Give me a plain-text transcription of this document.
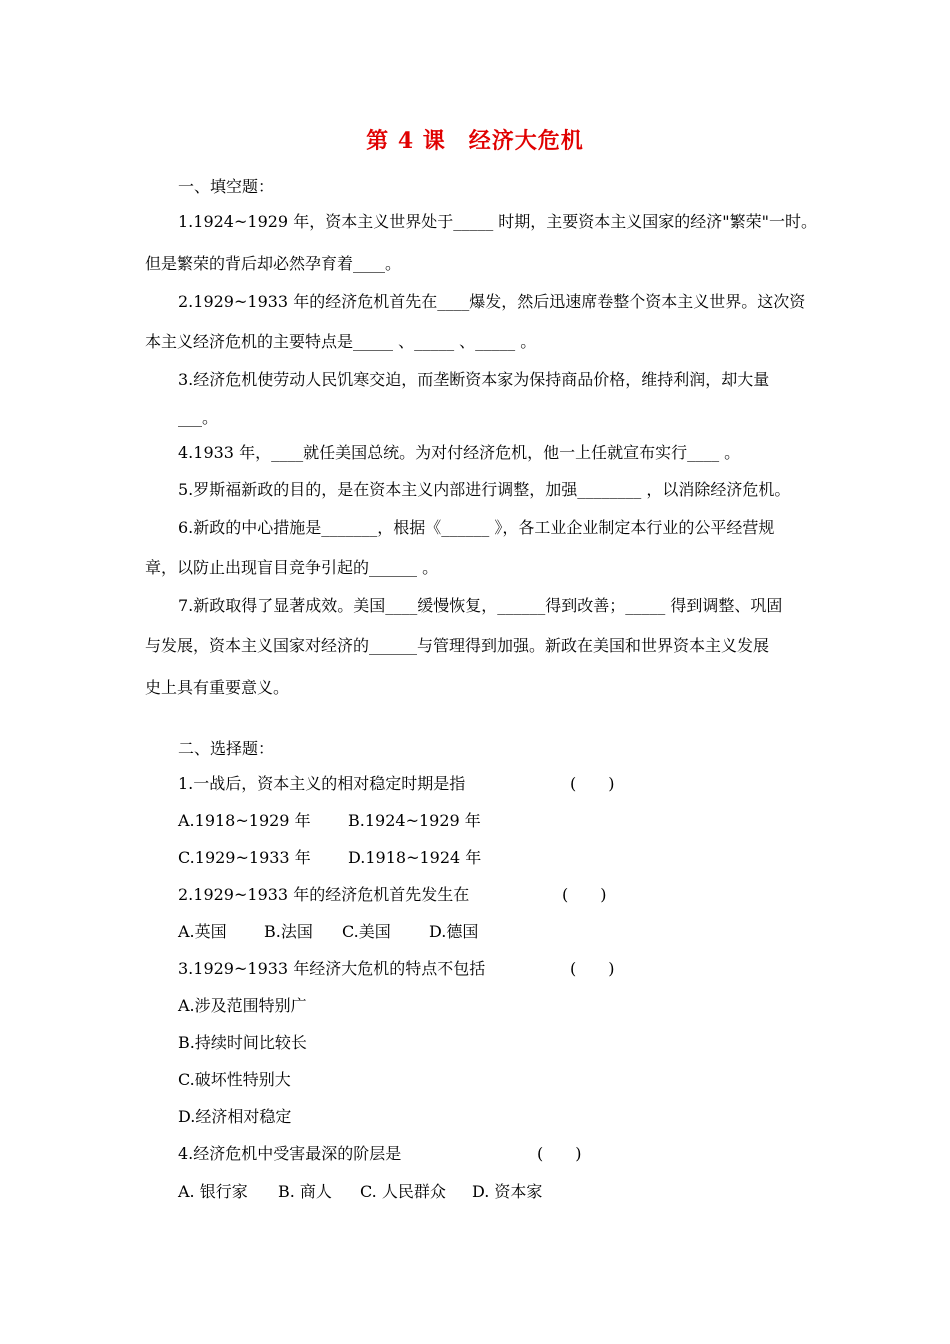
第 4 课　经济大危机
一、填空题：
1.1924~1929 年，资本主义世界处于_____ 时期，主要资本主义国家的经济"繁荣"一时。
但是繁荣的背后却必然孕育着____。
2.1929~1933 年的经济危机首先在____爆发，然后迅速席卷整个资本主义世界。这次资
本主义经济危机的主要特点是_____ 、_____ 、_____ 。
3.经济危机使劳动人民饥寒交迫，而垄断资本家为保持商品价格，维持利润，却大量
___。
4.1933 年，____就任美国总统。为对付经济危机，他一上任就宣布实行____ 。
5.罗斯福新政的目的，是在资本主义内部进行调整，加强________ ，以消除经济危机。
6.新政的中心措施是_______，根据《______ 》，各工业企业制定本行业的公平经营规
章，以防止出现盲目竞争引起的______ 。
7.新政取得了显著成效。美国____缓慢恢复，______得到改善；_____ 得到调整、巩固
与发展，资本主义国家对经济的______与管理得到加强。新政在美国和世界资本主义发展
史上具有重要意义。
二、选择题：
1.一战后，资本主义的相对稳定时期是指	(　　)
A.1918~1929 年 B.1924~1929 年
C.1929~1933 年 D.1918~1924 年
2.1929~1933 年的经济危机首先发生在	(　　)
A.英国 B.法国 C.美国 D.德国
3.1929~1933 年经济大危机的特点不包括	(　　)
A.涉及范围特别广
B.持续时间比较长
C.破坏性特别大
D.经济相对稳定
4.经济危机中受害最深的阶层是	(　　)
A. 银行家 B. 商人 C. 人民群众 D. 资本家
